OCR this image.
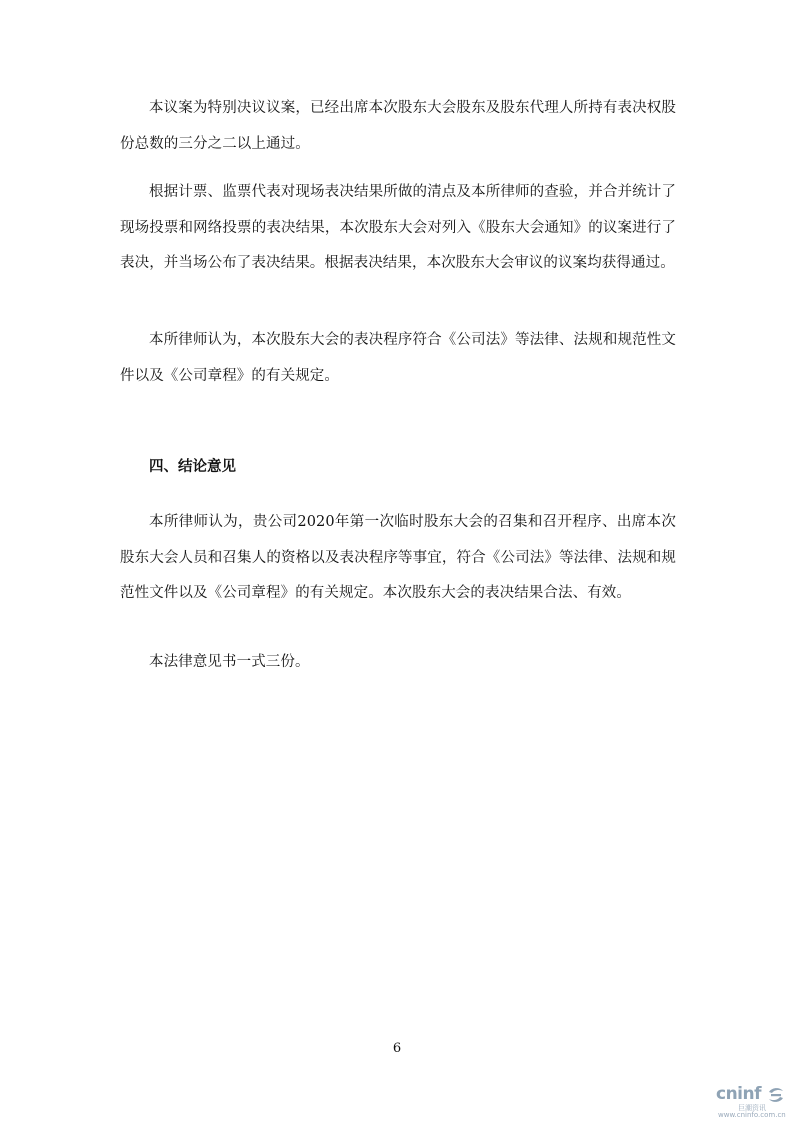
本议案为特别决议议案，已经出席本次股东大会股东及股东代理人所持有表决权股份总数的三分之二以上通过。

根据计票、监票代表对现场表决结果所做的清点及本所律师的查验，并合并统计了现场投票和网络投票的表决结果，本次股东大会对列入《股东大会通知》的议案进行了表决，并当场公布了表决结果。根据表决结果，本次股东大会审议的议案均获得通过。

本所律师认为，本次股东大会的表决程序符合《公司法》等法律、法规和规范性文件以及《公司章程》的有关规定。

四、结论意见

本所律师认为，贵公司2020年第一次临时股东大会的召集和召开程序、出席本次股东大会人员和召集人的资格以及表决程序等事宜，符合《公司法》等法律、法规和规范性文件以及《公司章程》的有关规定。本次股东大会的表决结果合法、有效。

本法律意见书一式三份。

6
cninf
巨潮资讯
www.cninfo.com.cn
